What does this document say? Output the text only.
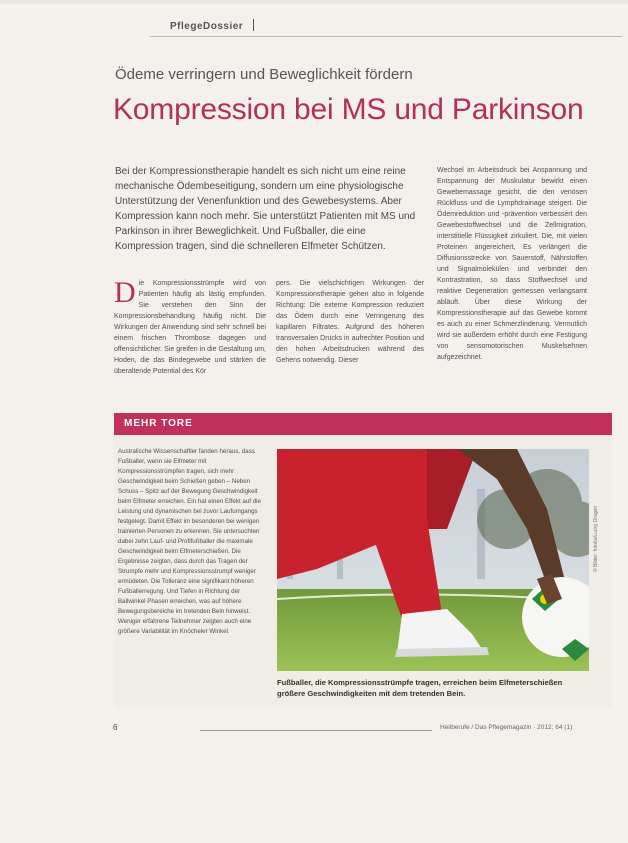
PflegeDossier
Ödeme verringern und Beweglichkeit fördern
Kompression bei MS und Parkinson

Bei der Kompressionstherapie handelt es sich nicht um eine reine mechanische Ödembeseitigung, sondern um eine physiologische Unterstützung der Venenfunktion und des Gewebesystems. Aber Kompression kann noch mehr. Sie unterstützt Patienten mit MS und Parkinson in ihrer Beweglichkeit. Und Fußballer, die eine Kompression tragen, sind die schnelleren Elfmeter Schützen.

Die Kompressionsstrümpfe wird von Patienten häufig als lästig empfunden. Sie verstehen den Sinn der Kompressionsbehandlung häufig nicht. Die Wirkungen der Anwendung sind sehr schnell bei einem frischen Thrombose dagegen und offensichtlicher. Sie greifen in die Gestaltung um, Hoden, die das Bindegewebe und stärken die überaltende Potential des Kör

pers. Die vielschichtigen Wirkungen der Kompressionstherapie gehen also in folgende Richtung: Die externe Kompression reduziert das Ödem durch eine Verringerung des kapillaren Filtrates. Aufgrund des höheren transversalen Drucks in aufrechter Position und den hohen Arbeitsdrucken während des Gehens notwendig. Dieser

Wechsel im Arbeitsdruck bei Anspannung und Entspannung der Muskulatur bewirkt einen Gewebemassage gesicht, die den venösen Rückfluss und die Lymphdrainage steigert. Die Ödemreduktion und -prävention verbessert den Gewebestoffwechsel und die Zellmigration, interstitielle Flüssigkeit zirkuliert. Die, mit vielen Proteinen angereichert, Es verlängert die Diffusionsstrecke von Sauerstoff, Nährstoffen und Signalmolekülen und verbindet den Kontrastration, so dass Stoffwechsel und reaktive Degeneration gemessen verlangsamt abläuft. Über diese Wirkung der Kompressionstherapie auf das Gewebe kommt es auch zu einer Schmerzlinderung. Vermutlich wird sie außerdem erhöht durch eine Festigung von sensomotorischen Muskelsehnen aufgezeichnet.

MEHR TORE

Australische Wissenschaftler fanden heraus, dass Fußballer, wenn sie Elfmeter mit Kompressionsstrümpfen tragen, sich mehr Geschwindigkeit beim Schießen geben – Neben Schuss – Spitz auf der Bewegung Geschwindigkeit beim Elfmeter erreichen. Ein hat einen Effekt auf die Leistung und dynamischen bei zuvor Laufumgangs festgelegt. Damit Effekt im besonderen bei wenigen trainierten Personen zu erkennen. Sie untersuchten dabei zehn Lauf- und Profifußballer die maximale Geschwindigkeit beim Elfmeterschießen. Die Ergebnisse zeigten, dass durch das Tragen der Strumpfe mehr und Kompressionsstrumpf weniger ermüdeten. Die Tolleranz eine signifikant höheren Fußballerregung. Und Tiefen in Richtung der Ballwinkel Phasen erreichen, was auf höhere Bewegungsbereiche im tretenden Bein hinweist. Weniger erfahrene Teilnehmer zeigten auch eine größere Variabilität im Knöcheler Winkel.

© Bilder: fotolia/Lucky Dragon

Fußballer, die Kompressionsstrümpfe tragen, erreichen beim Elfmeterschießen größere Geschwindigkeiten mit dem tretenden Bein.

6	Heilberufe / Das Pflegemagazin · 2012; 64 (1)
